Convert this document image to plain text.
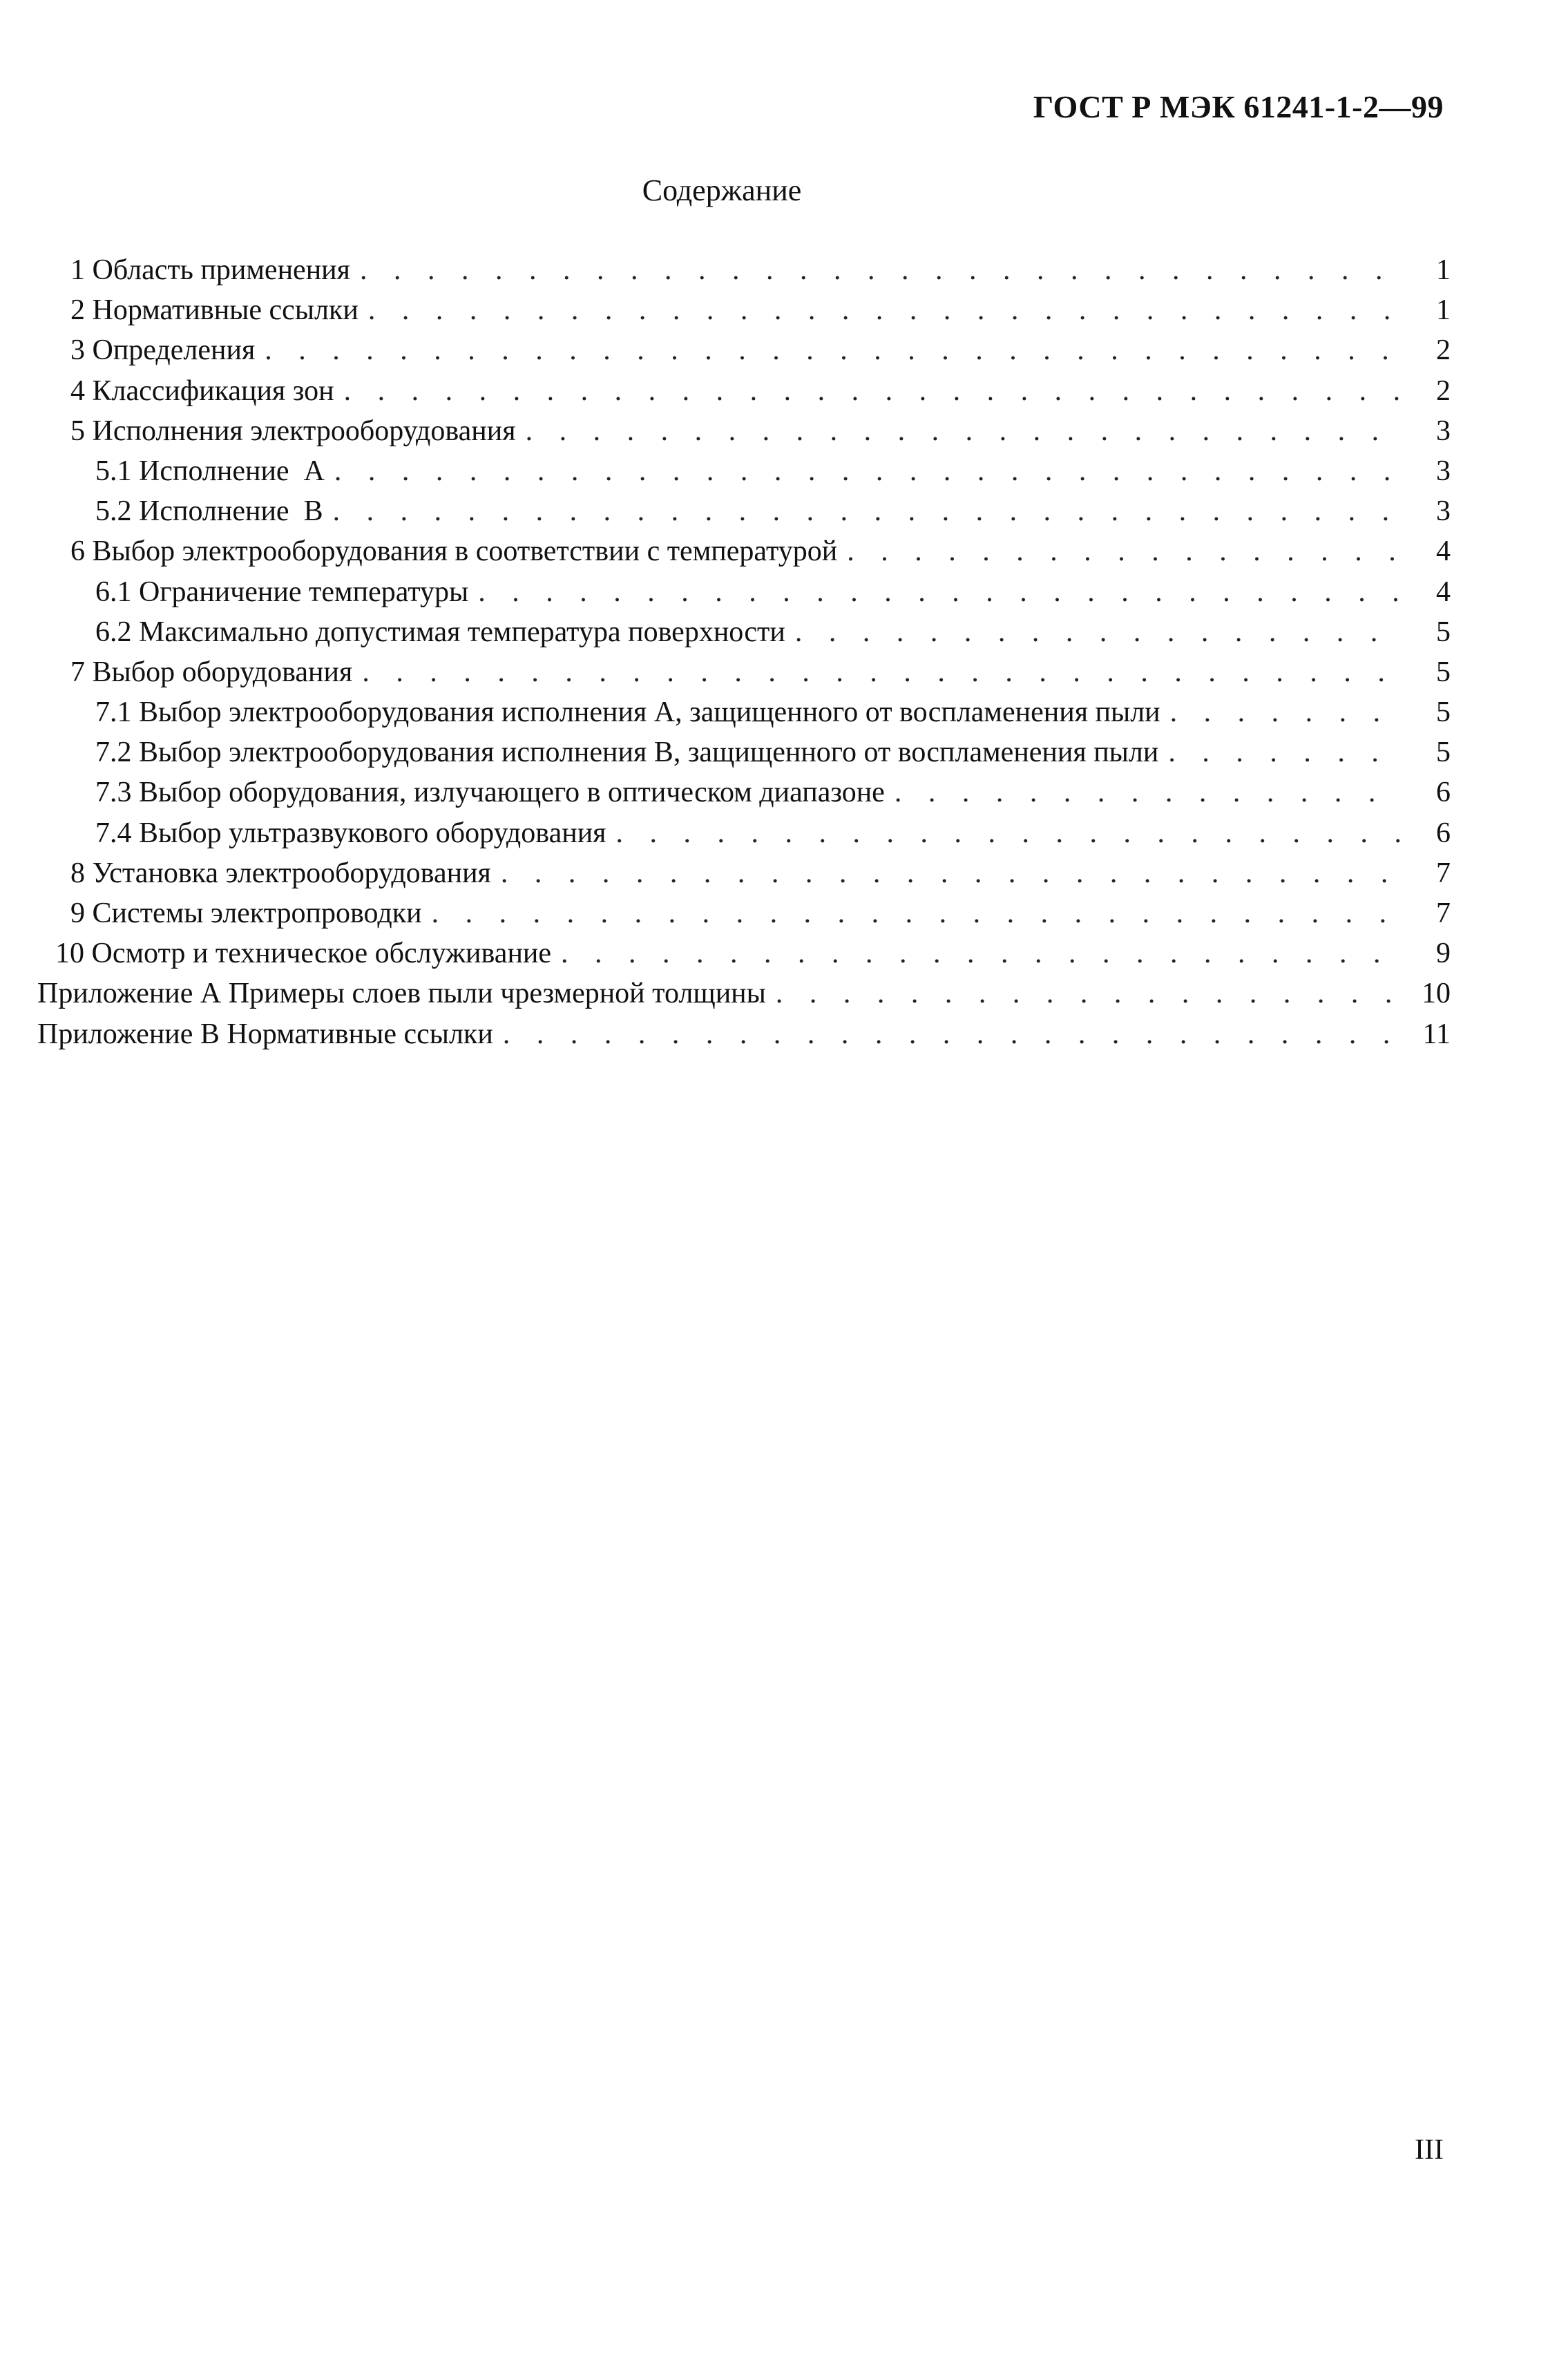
ГОСТ Р МЭК 61241-1-2—99
Содержание
1 Область применения . . .	1
2 Нормативные ссылки . . .	1
3 Определения . . .	2
4 Классификация зон . . .	2
5 Исполнения электрооборудования . . .	3
5.1 Исполнение  А . . .	3
5.2 Исполнение  В . . .	3
6 Выбор электрооборудования в соответствии с температурой . . .	4
6.1 Ограничение температуры . . .	4
6.2 Максимально допустимая температура поверхности . . .	5
7 Выбор оборудования . . .	5
7.1 Выбор электрооборудования исполнения А, защищенного от воспламенения пыли . . .	5
7.2 Выбор электрооборудования исполнения В, защищенного от воспламенения пыли . . .	5
7.3 Выбор оборудования, излучающего в оптическом диапазоне . . .	6
7.4 Выбор ультразвукового оборудования . . .	6
8 Установка электрооборудования . . .	7
9 Системы электропроводки . . .	7
10 Осмотр и техническое обслуживание . . .	9
Приложение А Примеры слоев пыли чрезмерной толщины . . .	10
Приложение В Нормативные ссылки . . .	11
III
